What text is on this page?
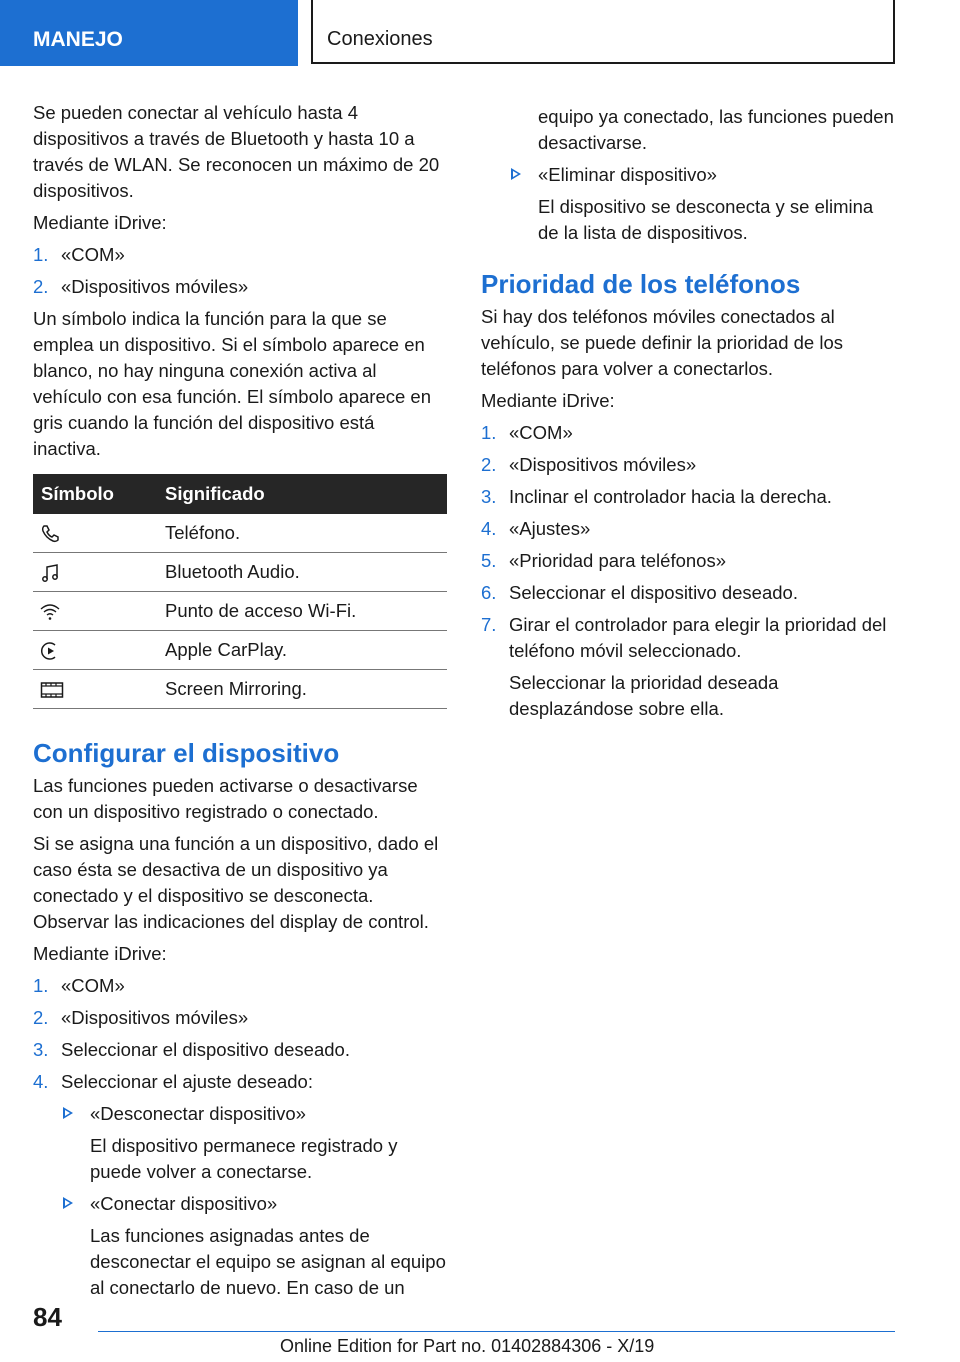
MANEJO	Conexiones

Se pueden conectar al vehículo hasta 4 dispositivos a través de Bluetooth y hasta 10 a través de WLAN. Se reconocen un máximo de 20 dispositivos.

Mediante iDrive:

1. «COM»
2. «Dispositivos móviles»

Un símbolo indica la función para la que se emplea un dispositivo. Si el símbolo aparece en blanco, no hay ninguna conexión activa al vehículo con esa función. El símbolo aparece en gris cuando la función del dispositivo está inactiva.

Símbolo	Significado
	Teléfono.
	Bluetooth Audio.
	Punto de acceso Wi-Fi.
	Apple CarPlay.
	Screen Mirroring.
Configurar el dispositivo

Las funciones pueden activarse o desactivarse con un dispositivo registrado o conectado.

Si se asigna una función a un dispositivo, dado el caso ésta se desactiva de un dispositivo ya conectado y el dispositivo se desconecta. Observar las indicaciones del display de control.

Mediante iDrive:

1. «COM»
2. «Dispositivos móviles»
3. Seleccionar el dispositivo deseado.
4. Seleccionar el ajuste deseado:
«Desconectar dispositivo»
El dispositivo permanece registrado y puede volver a conectarse.
«Conectar dispositivo»
Las funciones asignadas antes de desconectar el equipo se asignan al equipo al conectarlo de nuevo. En caso de un
equipo ya conectado, las funciones pueden desactivarse.
«Eliminar dispositivo»
El dispositivo se desconecta y se elimina de la lista de dispositivos.
Prioridad de los teléfonos

Si hay dos teléfonos móviles conectados al vehículo, se puede definir la prioridad de los teléfonos para volver a conectarlos.

Mediante iDrive:

1. «COM»
2. «Dispositivos móviles»
3. Inclinar el controlador hacia la derecha.
4. «Ajustes»
5. «Prioridad para teléfonos»
6. Seleccionar el dispositivo deseado.
7. Girar el controlador para elegir la prioridad del teléfono móvil seleccionado.
Seleccionar la prioridad deseada desplazándose sobre ella.
84
Online Edition for Part no. 01402884306 - X/19
